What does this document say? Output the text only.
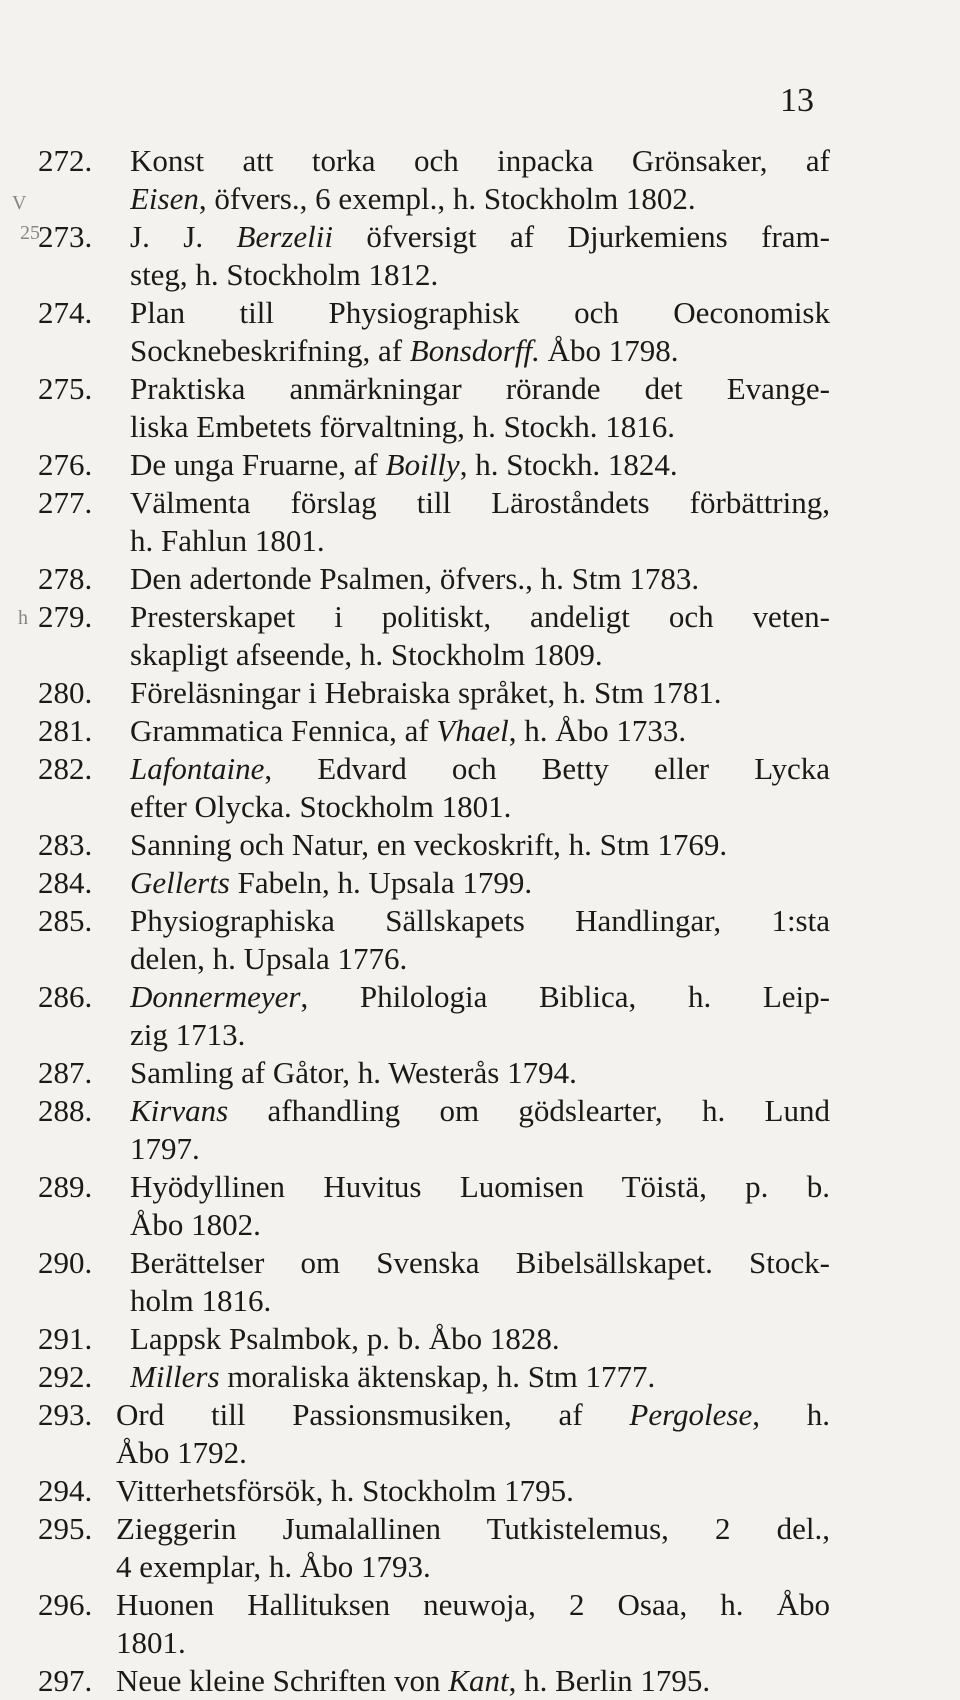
13
V
25
h
272. Konst att torka och inpacka Grönsaker, af
Eisen, öfvers., 6 exempl., h. Stockholm 1802.
273. J. J. Berzelii öfversigt af Djurkemiens fram-
steg, h. Stockholm 1812.
274. Plan till Physiographisk och Oeconomisk
Socknebeskrifning, af Bonsdorff. Åbo 1798.
275. Praktiska anmärkningar rörande det Evange-
liska Embetets förvaltning, h. Stockh. 1816.
276. De unga Fruarne, af Boilly, h. Stockh. 1824.
277. Välmenta förslag till Läroståndets förbättring,
h. Fahlun 1801.
278. Den adertonde Psalmen, öfvers., h. Stm 1783.
279. Presterskapet i politiskt, andeligt och veten-
skapligt afseende, h. Stockholm 1809.
280. Föreläsningar i Hebraiska språket, h. Stm 1781.
281. Grammatica Fennica, af Vhael, h. Åbo 1733.
282. Lafontaine, Edvard och Betty eller Lycka
efter Olycka. Stockholm 1801.
283. Sanning och Natur, en veckoskrift, h. Stm 1769.
284. Gellerts Fabeln, h. Upsala 1799.
285. Physiographiska Sällskapets Handlingar, 1:sta
delen, h. Upsala 1776.
286. Donnermeyer, Philologia Biblica, h. Leip-
zig 1713.
287. Samling af Gåtor, h. Westerås 1794.
288. Kirvans afhandling om gödslearter, h. Lund
1797.
289. Hyödyllinen Huvitus Luomisen Töistä, p. b.
Åbo 1802.
290. Berättelser om Svenska Bibelsällskapet. Stock-
holm 1816.
291. Lappsk Psalmbok, p. b. Åbo 1828.
292. Millers moraliska äktenskap, h. Stm 1777.
293. Ord till Passionsmusiken, af Pergolese, h.
Åbo 1792.
294. Vitterhetsförsök, h. Stockholm 1795.
295. Zieggerin Jumalallinen Tutkistelemus, 2 del.,
4 exemplar, h. Åbo 1793.
296. Huonen Hallituksen neuwoja, 2 Osaa, h. Åbo
1801.
297. Neue kleine Schriften von Kant, h. Berlin 1795.
